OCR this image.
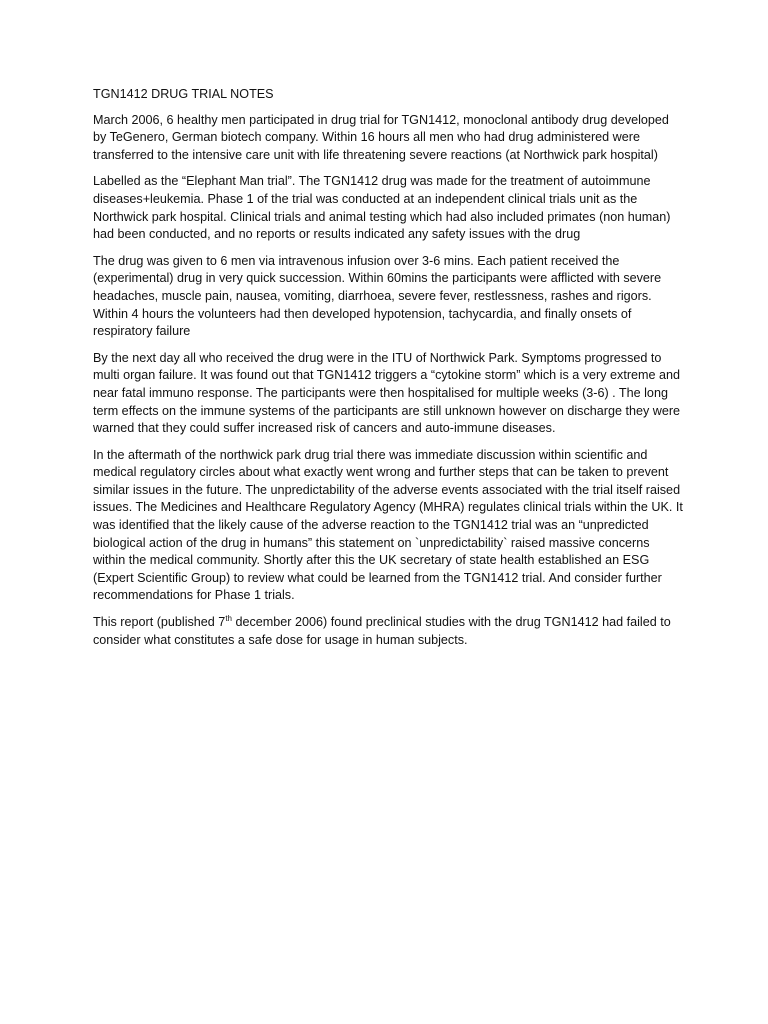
TGN1412 DRUG TRIAL NOTES

March 2006, 6 healthy men participated in drug trial for TGN1412, monoclonal antibody drug developed by TeGenero, German biotech company. Within 16 hours all men who had drug administered were transferred to the intensive care unit with life threatening severe reactions (at Northwick park hospital)

Labelled as the “Elephant Man trial”. The TGN1412 drug was made for the treatment of autoimmune diseases+leukemia. Phase 1 of the trial was conducted at an independent clinical trials unit as the Northwick park hospital. Clinical trials and animal testing which had also included primates (non human) had been conducted, and no reports or results indicated any safety issues with the drug

The drug was given to 6 men via intravenous infusion over 3-6 mins. Each patient received the (experimental) drug in very quick succession. Within 60mins the participants were afflicted with severe headaches, muscle pain, nausea, vomiting, diarrhoea, severe fever, restlessness, rashes and rigors. Within 4 hours the volunteers had then developed hypotension, tachycardia, and finally onsets of respiratory failure

By the next day all who received the drug were in the ITU of Northwick Park. Symptoms progressed to multi organ failure. It was found out that TGN1412 triggers a “cytokine storm” which is a very extreme and near fatal immuno response. The participants were then hospitalised for multiple weeks (3-6) . The long term effects on the immune systems of the participants are still unknown however on discharge they were warned that they could suffer increased risk of cancers and auto-immune diseases.

In the aftermath of the northwick park drug trial there was immediate discussion within scientific and medical regulatory circles about what exactly went wrong and further steps that can be taken to prevent similar issues in the future. The unpredictability of the adverse events associated with the trial itself raised issues. The Medicines and Healthcare Regulatory Agency (MHRA) regulates clinical trials within the UK. It was identified that the likely cause of the adverse reaction to the TGN1412 trial was an “unpredicted biological action of the drug in humans” this statement on `unpredictability` raised massive concerns within the medical community. Shortly after this the UK secretary of state health established an ESG (Expert Scientific Group) to review what could be learned from the TGN1412 trial. And consider further recommendations for Phase 1 trials.

This report (published 7th december 2006) found preclinical studies with the drug TGN1412 had failed to consider what constitutes a safe dose for usage in human subjects.
